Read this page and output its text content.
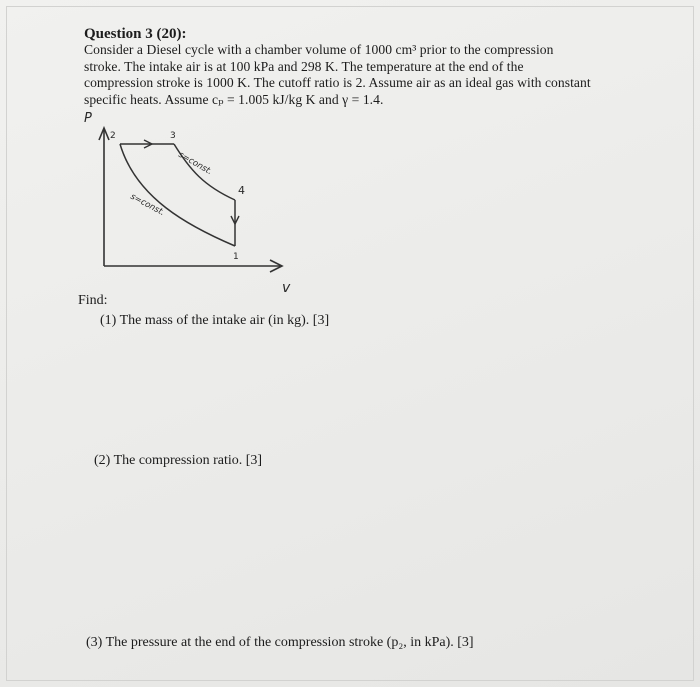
Question 3 (20):
Consider a Diesel cycle with a chamber volume of 1000 cm³ prior to the compression
stroke. The intake air is at 100 kPa and 298 K. The temperature at the end of the
compression stroke is 1000 K. The cutoff ratio is 2. Assume air as an ideal gas with constant
specific heats. Assume cₚ = 1.005 kJ/kg K and γ = 1.4.
P
v
1
2	3
4
s=const.
s=const.
Find:
(1) The mass of the intake air (in kg). [3]
(2) The compression ratio. [3]
(3) The pressure at the end of the compression stroke (p₂, in kPa). [3]
